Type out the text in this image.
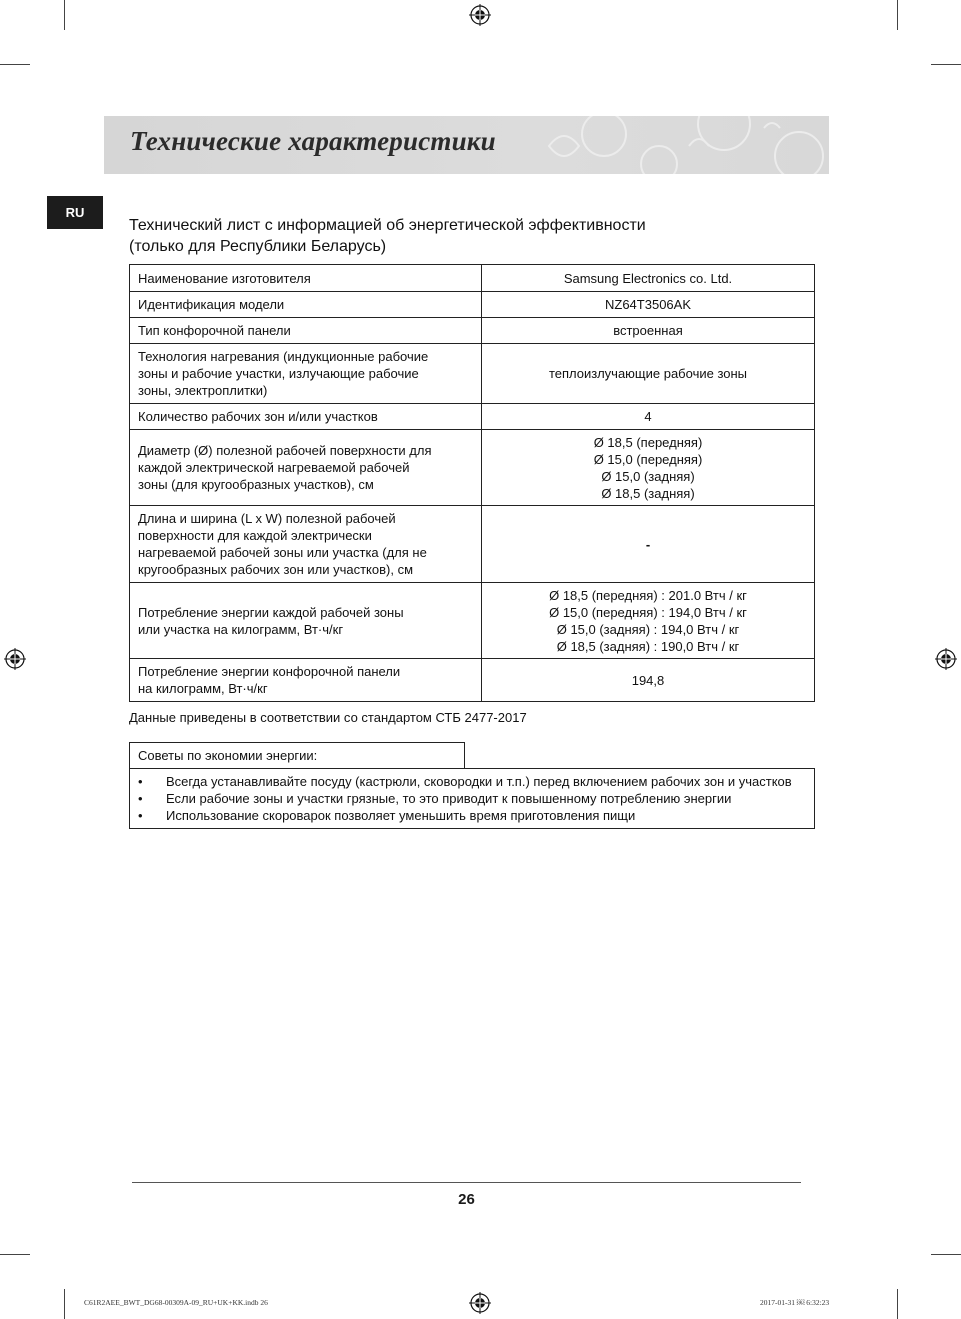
Технические характеристики
RU
Технический лист с информацией об энергетической эффективности
(только для Республики Беларусь)
Наименование изготовителя	Samsung Electronics co. Ltd.

Идентификация модели	NZ64T3506AK

Тип конфорочной панели	встроенная

Технология нагревания (индукционные рабочие
зоны и рабочие участки, излучающие рабочие
зоны, электроплитки)	теплоизлучающие рабочие зоны

Количество рабочих зон и/или участков	4

Диаметр (Ø) полезной рабочей поверхности для
каждой электрической нагреваемой рабочей
зоны (для кругообразных участков), см	Ø 18,5 (передняя)
Ø 15,0 (передняя)
Ø 15,0 (задняя)
Ø 18,5 (задняя)

Длина и ширина (L x W) полезной рабочей
поверхности для каждой электрически
нагреваемой рабочей зоны или участка (для не
кругообразных рабочих зон или участков), см	-

Потребление энергии каждой рабочей зоны
или участка на килограмм, Вт·ч/кг	Ø 18,5 (передняя) : 201.0 Втч / кг
Ø 15,0 (передняя) : 194,0 Втч / кг
Ø 15,0 (задняя) : 194,0 Втч / кг
Ø 18,5 (задняя) : 190,0 Втч / кг

Потребление энергии конфорочной панели
на килограмм, Вт·ч/кг	194,8
Данные приведены в соответствии со стандартом СТБ 2477-2017
Советы по экономии энергии:
• Всегда устанавливайте посуду (кастрюли, сковородки и т.п.) перед включением рабочих зон и участков
• Если рабочие зоны и участки грязные, то это приводит к повышенному потреблению энергии
• Использование скороварок позволяет уменьшить время приготовления пищи
26
C61R2AEE_BWT_DG68-00309A-09_RU+UK+KK.indb 26	2017-01-31 ￼ 6:32:23
